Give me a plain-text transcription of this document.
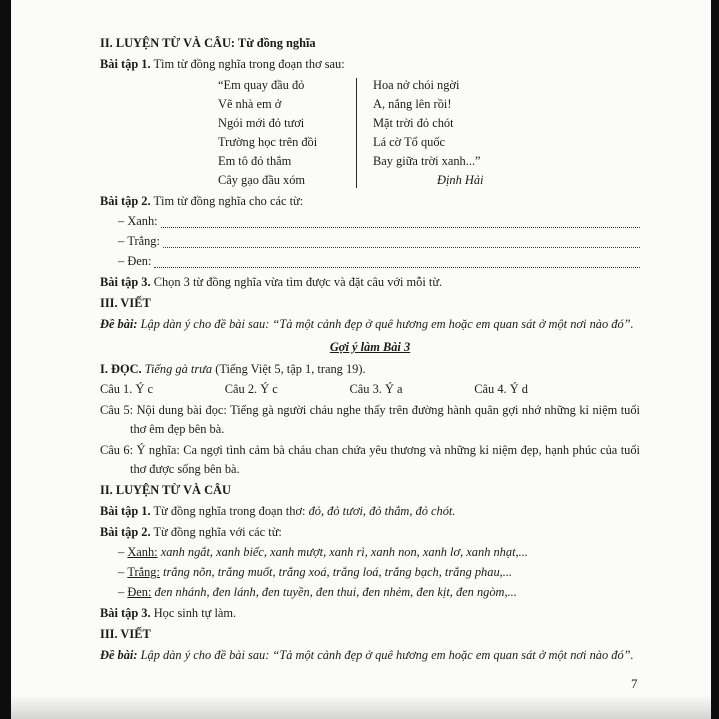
II. LUYỆN TỪ VÀ CÂU: Từ đồng nghĩa

Bài tập 1. Tìm từ đồng nghĩa trong đoạn thơ sau:

“Em quay đầu đỏ
Vẽ nhà em ở
Ngói mới đỏ tươi
Trường học trên đồi
Em tô đỏ thắm
Cây gạo đầu xóm
Hoa nở chói ngời
A, nắng lên rồi!
Mặt trời đỏ chót
Lá cờ Tổ quốc
Bay giữa trời xanh...”
Định Hải

Bài tập 2. Tìm từ đồng nghĩa cho các từ:

–
Xanh:
–
Trắng:
–
Đen:

Bài tập 3. Chọn 3 từ đồng nghĩa vừa tìm được và đặt câu với mỗi từ.

III. VIẾT

Đề bài: Lập dàn ý cho đề bài sau: “Tả một cảnh đẹp ở quê hương em hoặc em quan sát ở một nơi nào đó”.

Gợi ý làm Bài 3

I. ĐỌC. Tiếng gà trưa (Tiếng Việt 5, tập 1, trang 19).

Câu 1. Ý c	Câu 2. Ý c	Câu 3. Ý a	Câu 4. Ý d

Câu 5: Nội dung bài đọc: Tiếng gà người cháu nghe thấy trên đường hành quân gợi nhớ những kỉ niệm tuổi thơ êm đẹp bên bà.

Câu 6: Ý nghĩa: Ca ngợi tình cảm bà cháu chan chứa yêu thương và những kỉ niệm đẹp, hạnh phúc của tuổi thơ được sống bên bà.

II. LUYỆN TỪ VÀ CÂU

Bài tập 1. Từ đồng nghĩa trong đoạn thơ: đỏ, đỏ tươi, đỏ thắm, đỏ chót.

Bài tập 2. Từ đồng nghĩa với các từ:

– Xanh: xanh ngắt, xanh biếc, xanh mượt, xanh rì, xanh non, xanh lơ, xanh nhạt,...

– Trắng: trắng nõn, trắng muốt, trắng xoá, trắng loá, trắng bạch, trắng phau,...

– Đen: đen nhánh, đen lánh, đen tuyền, đen thui, đen nhẻm, đen kịt, đen ngòm,...

Bài tập 3. Học sinh tự làm.

III. VIẾT

Đề bài: Lập dàn ý cho đề bài sau: “Tả một cảnh đẹp ở quê hương em hoặc em quan sát ở một nơi nào đó”.

7
